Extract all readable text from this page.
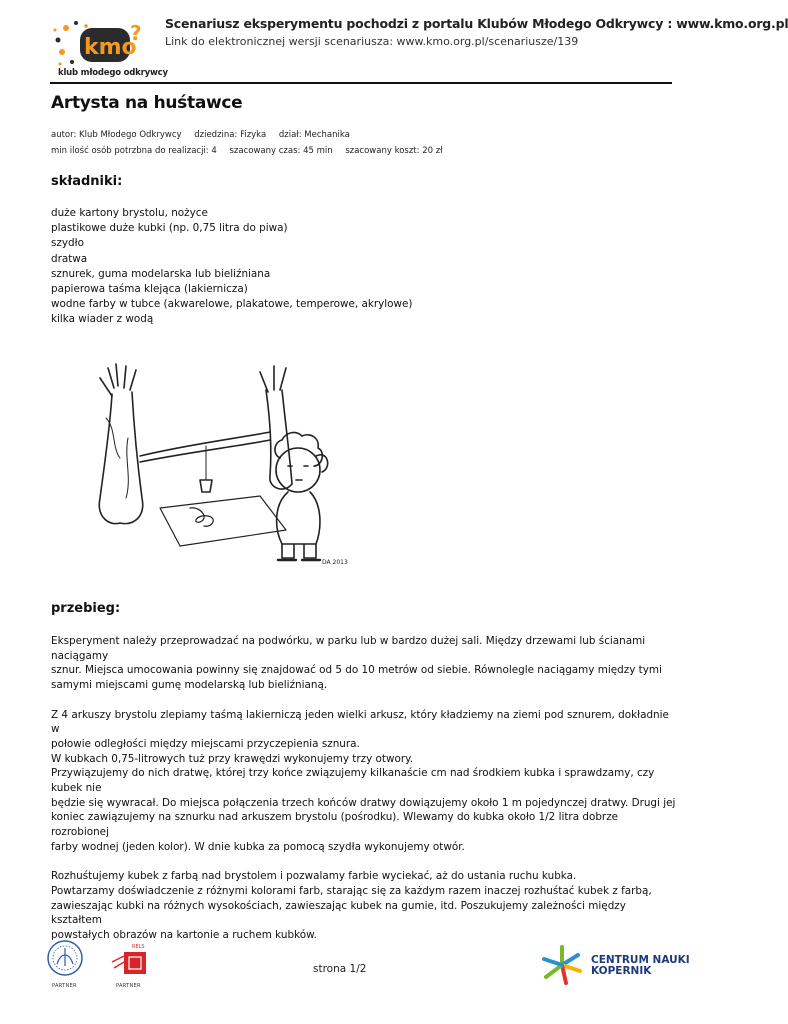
kmo
?
klub młodego odkrywcy
Scenariusz eksperymentu pochodzi z portalu Klubów Młodego Odkrywcy : www.kmo.org.pl
Link do elektronicznej wersji scenariusza: www.kmo.org.pl/scenariusze/139
Artysta na huśtawce
autor: Klub Młodego Odkrywcy dziedzina: Fizyka dział: Mechanika
min ilość osób potrzbna do realizacji: 4 szacowany czas: 45 min szacowany koszt: 20 zł
składniki:
duże kartony brystolu, nożyce
plastikowe duże kubki (np. 0,75 litra do piwa)
szydło
dratwa
sznurek, guma modelarska lub bieliźniana
papierowa taśma klejąca (lakiernicza)
wodne farby w tubce (akwarelowe, plakatowe, temperowe, akrylowe)
kilka wiader z wodą
DA 2013
przebieg:

Eksperyment należy przeprowadzać na podwórku, w parku lub w bardzo dużej sali. Między drzewami lub ścianami naciągamy

sznur. Miejsca umocowania powinny się znajdować od 5 do 10 metrów od siebie. Równolegle naciągamy między tymi

samymi miejscami gumę modelarską lub bieliźnianą.

Z 4 arkuszy brystolu zlepiamy taśmą lakierniczą jeden wielki arkusz, który kładziemy na ziemi pod sznurem, dokładnie w

połowie odległości między miejscami przyczepienia sznura.

W kubkach 0,75-litrowych tuż przy krawędzi wykonujemy trzy otwory.

Przywiązujemy do nich dratwę, której trzy końce związujemy kilkanaście cm nad środkiem kubka i sprawdzamy, czy kubek nie

będzie się wywracał. Do miejsca połączenia trzech końców dratwy dowiązujemy około 1 m pojedynczej dratwy. Drugi jej

koniec zawiązujemy na sznurku nad arkuszem brystolu (pośrodku). Wlewamy do kubka około 1/2 litra dobrze rozrobionej

farby wodnej (jeden kolor). W dnie kubka za pomocą szydła wykonujemy otwór.

Rozhuśtujemy kubek z farbą nad brystolem i pozwalamy farbie wyciekać, aż do ustania ruchu kubka.

Powtarzamy doświadczenie z różnymi kolorami farb, starając się za każdym razem inaczej rozhuśtać kubek z farbą,

zawieszając kubki na różnych wysokościach, zawieszając kubek na gumie, itd. Poszukujemy zależności między kształtem

powstałych obrazów na kartonie a ruchem kubków.

PARTNER
RELS
PARTNER
strona 1/2
CENTRUM NAUKI
KOPERNIK
